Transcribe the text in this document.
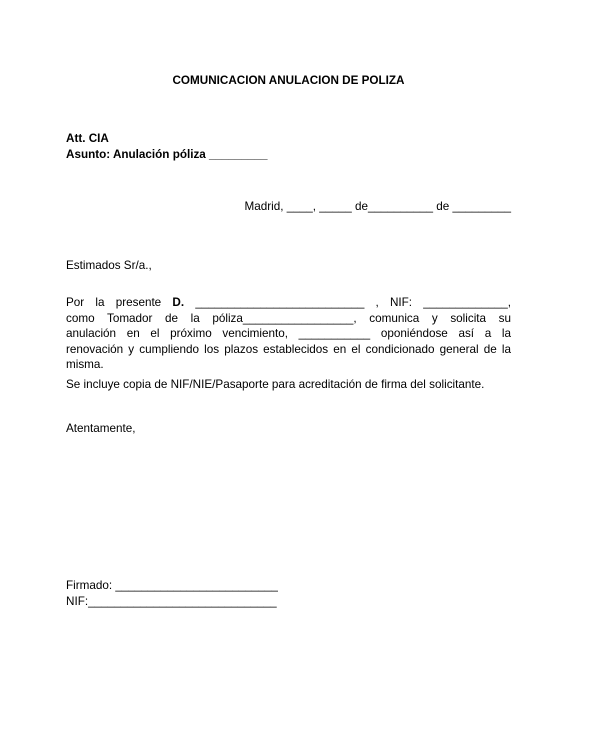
COMUNICACION ANULACION DE POLIZA
Att. CIA
Asunto: Anulación póliza _________
Madrid, ____, _____ de__________ de _________
Estimados Sr/a.,
Por la presente D. __________________________ , NIF: _____________,
como Tomador de la póliza_________________, comunica y solicita su
anulación en el próximo vencimiento, ___________ oponiéndose así a la
renovación y cumpliendo los plazos establecidos en el condicionado general de la
misma.
Se incluye copia de NIF/NIE/Pasaporte para acreditación de firma del solicitante.
Atentamente,
Firmado: _________________________
NIF:_____________________________
